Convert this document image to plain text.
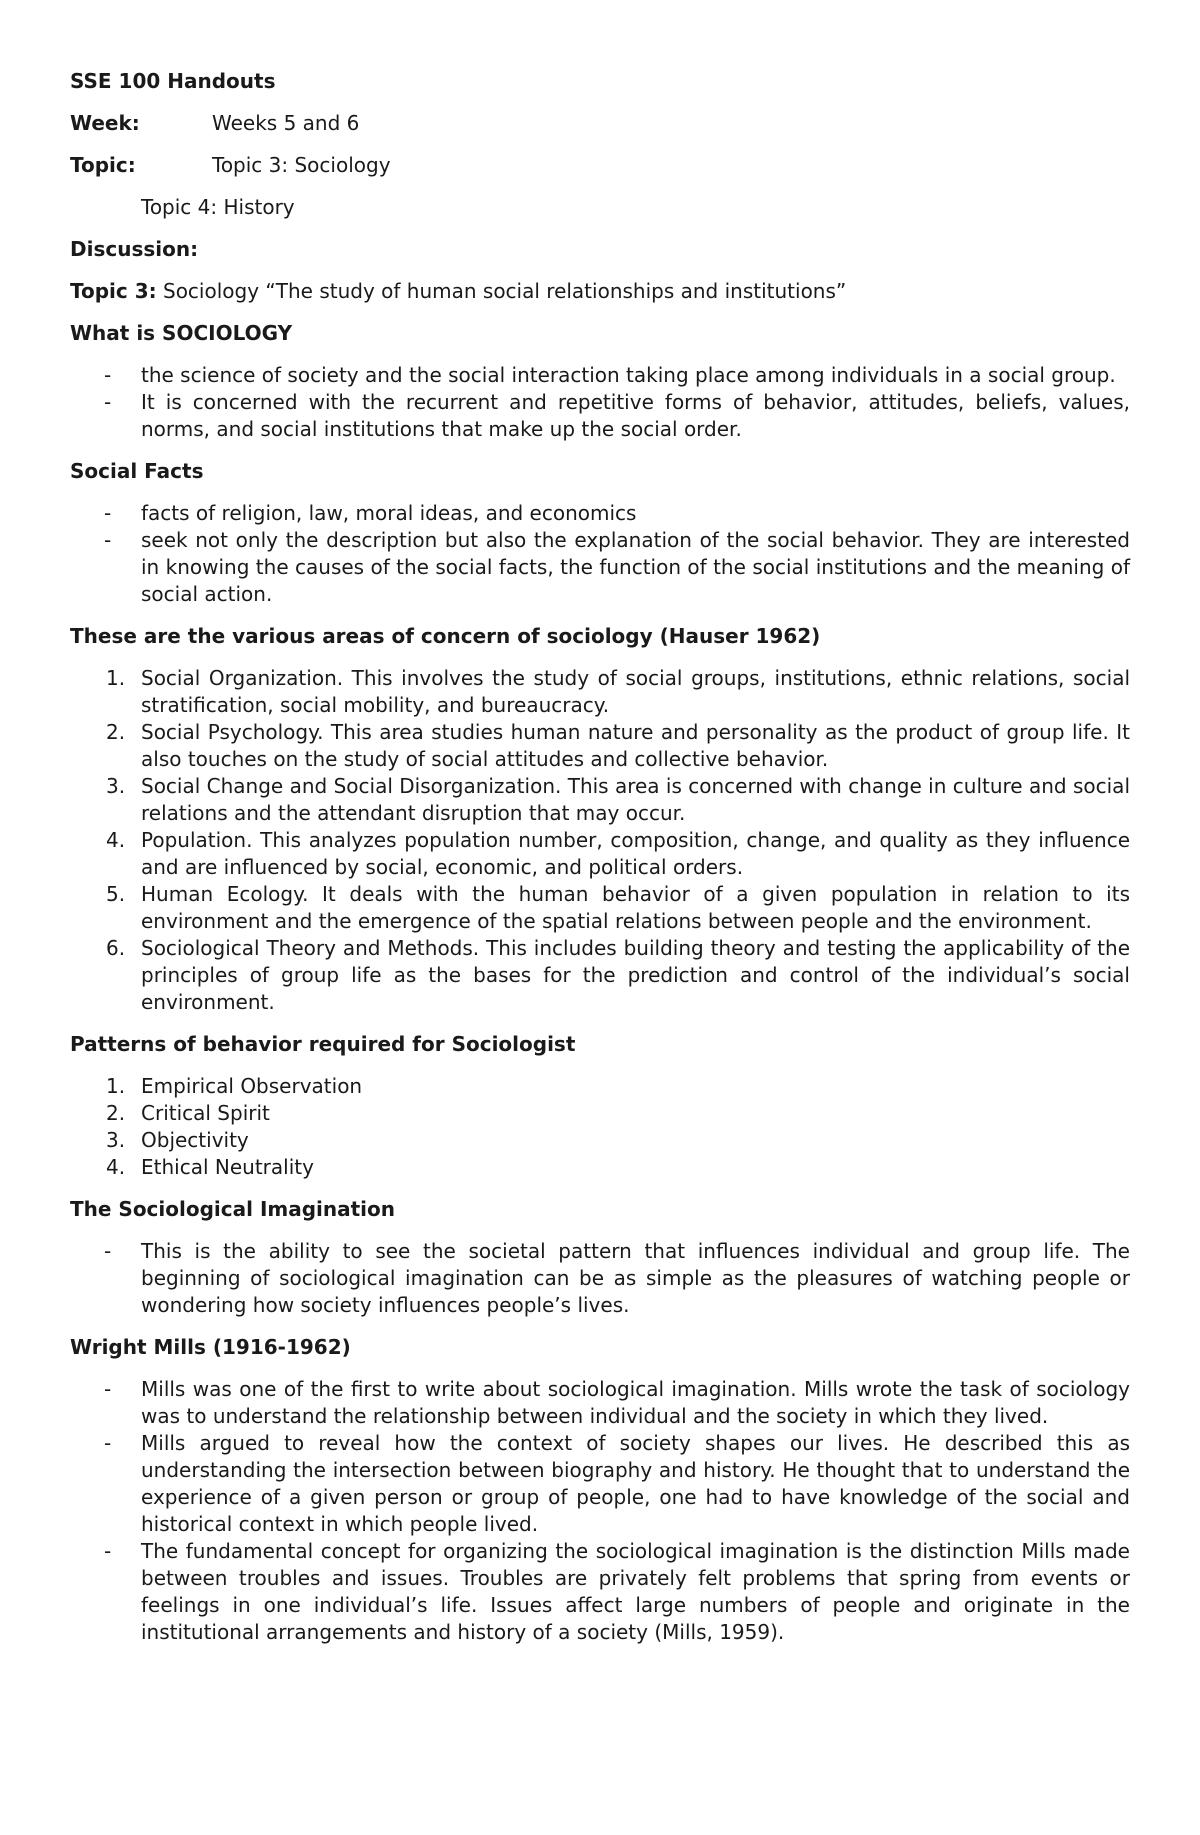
SSE 100 Handouts
Week:	Weeks 5 and 6
Topic:	Topic 3: Sociology
Topic 4: History
Discussion:
Topic 3: Sociology “The study of human social relationships and institutions”
What is SOCIOLOGY
-	the science of society and the social interaction taking place among individuals in a social group.
-	It is concerned with the recurrent and repetitive forms of behavior, attitudes, beliefs, values, norms, and social institutions that make up the social order.
Social Facts
-	facts of religion, law, moral ideas, and economics
-	seek not only the description but also the explanation of the social behavior. They are interested in knowing the causes of the social facts, the function of the social institutions and the meaning of social action.
These are the various areas of concern of sociology (Hauser 1962)
1. Social Organization. This involves the study of social groups, institutions, ethnic relations, social stratification, social mobility, and bureaucracy.
2. Social Psychology. This area studies human nature and personality as the product of group life. It also touches on the study of social attitudes and collective behavior.
3. Social Change and Social Disorganization. This area is concerned with change in culture and social relations and the attendant disruption that may occur.
4. Population. This analyzes population number, composition, change, and quality as they influence and are influenced by social, economic, and political orders.
5. Human Ecology. It deals with the human behavior of a given population in relation to its environment and the emergence of the spatial relations between people and the environment.
6. Sociological Theory and Methods. This includes building theory and testing the applicability of the principles of group life as the bases for the prediction and control of the individual’s social environment.
Patterns of behavior required for Sociologist
1. Empirical Observation
2. Critical Spirit
3. Objectivity
4. Ethical Neutrality
The Sociological Imagination
-	This is the ability to see the societal pattern that influences individual and group life. The beginning of sociological imagination can be as simple as the pleasures of watching people or wondering how society influences people’s lives.
Wright Mills (1916-1962)
-	Mills was one of the first to write about sociological imagination. Mills wrote the task of sociology was to understand the relationship between individual and the society in which they lived.
-	Mills argued to reveal how the context of society shapes our lives. He described this as understanding the intersection between biography and history. He thought that to understand the experience of a given person or group of people, one had to have knowledge of the social and historical context in which people lived.
-	The fundamental concept for organizing the sociological imagination is the distinction Mills made between troubles and issues. Troubles are privately felt problems that spring from events or feelings in one individual’s life. Issues affect large numbers of people and originate in the institutional arrangements and history of a society (Mills, 1959).
